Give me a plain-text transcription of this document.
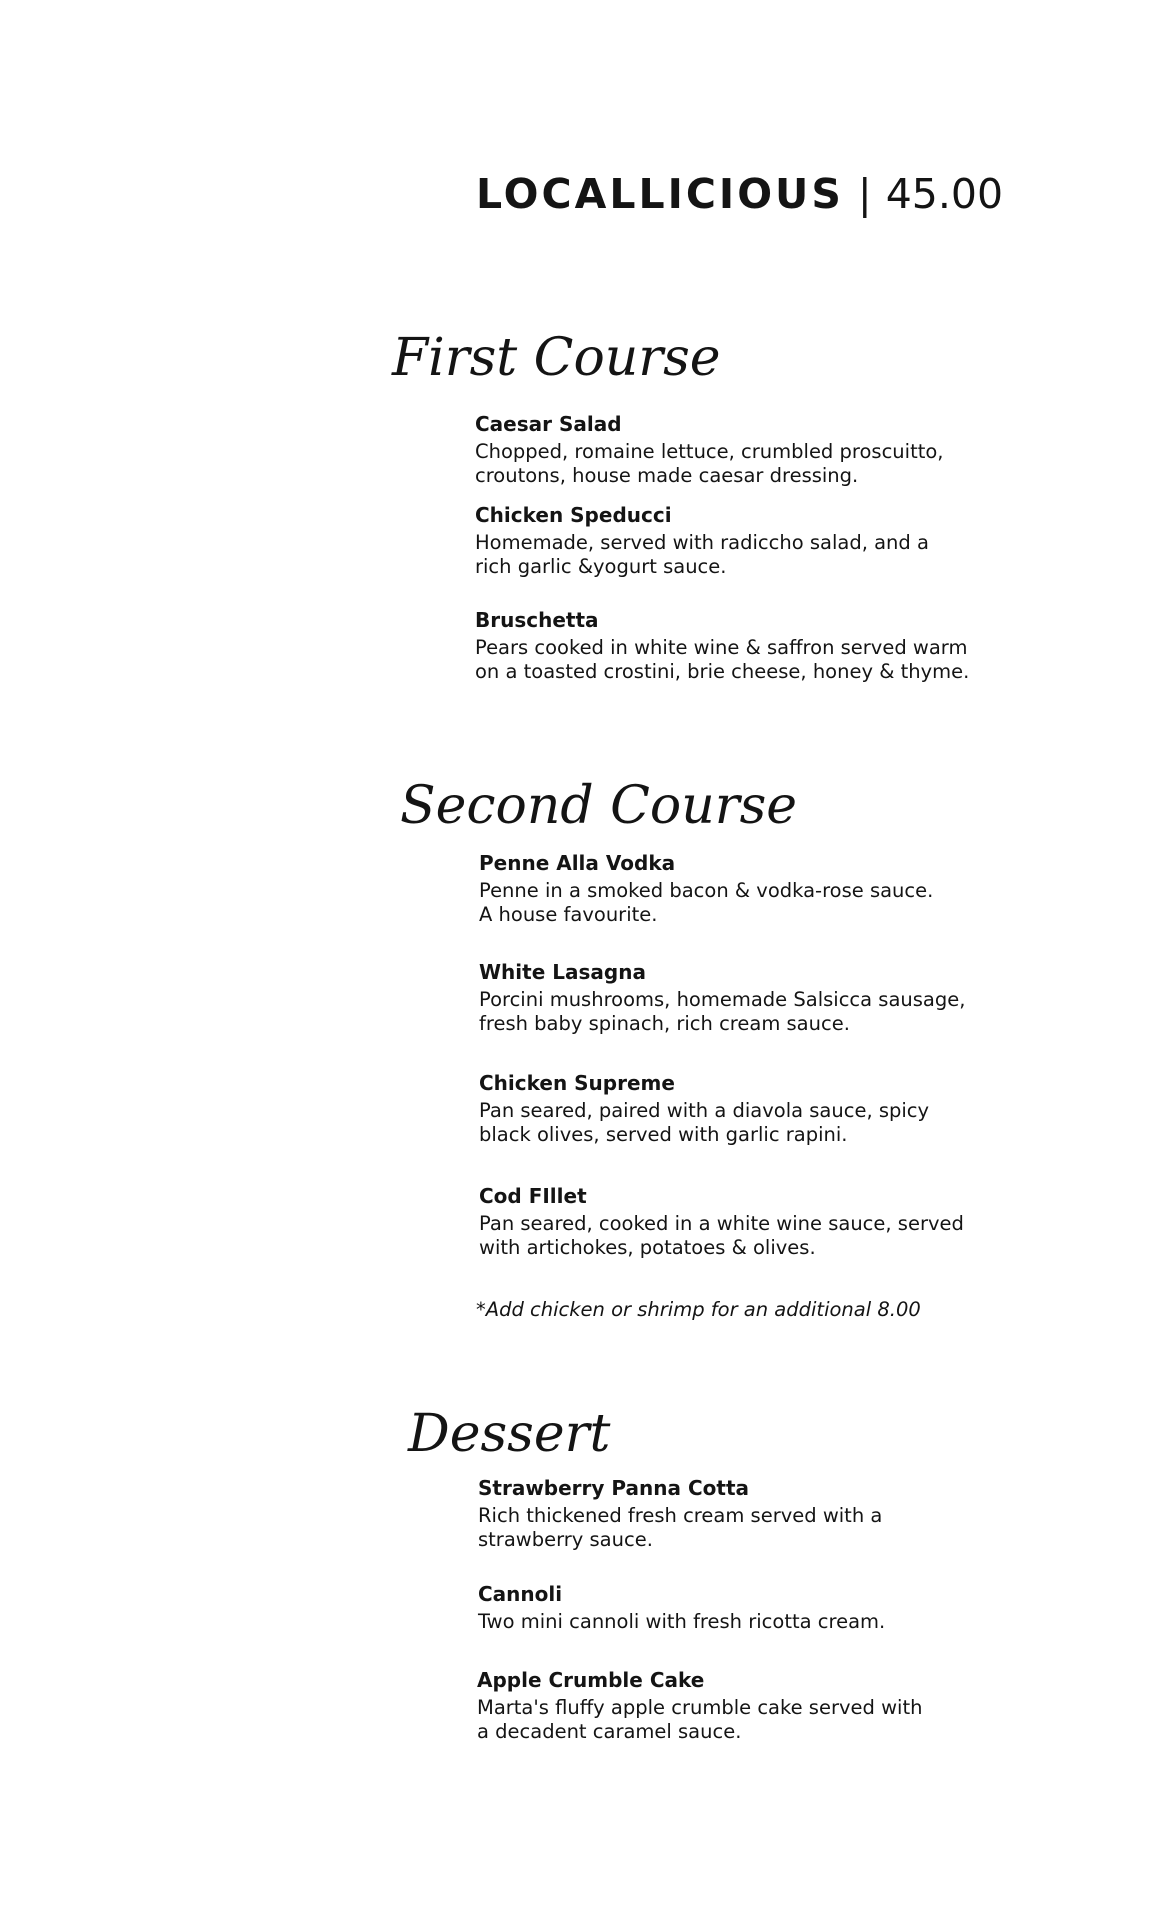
LOCALLICIOUS | 45.00
First Course
Caesar Salad
Chopped, romaine lettuce, crumbled proscuitto,
croutons, house made caesar dressing.
Chicken Speducci
Homemade, served with radiccho salad, and a
rich garlic &yogurt sauce.
Bruschetta
Pears cooked in white wine & saffron served warm
on a toasted crostini, brie cheese, honey & thyme.
Second Course
Penne Alla Vodka
Penne in a smoked bacon & vodka-rose sauce.
A house favourite.
White Lasagna
Porcini mushrooms, homemade Salsicca sausage,
fresh baby spinach, rich cream sauce.
Chicken Supreme
Pan seared, paired with a diavola sauce, spicy
black olives, served with garlic rapini.
Cod FIllet
Pan seared, cooked in a white wine sauce, served
with artichokes, potatoes & olives.
*Add chicken or shrimp for an additional 8.00
Dessert
Strawberry Panna Cotta
Rich thickened fresh cream served with a
strawberry sauce.
Cannoli
Two mini cannoli with fresh ricotta cream.
Apple Crumble Cake
Marta's fluffy apple crumble cake served with
a decadent caramel sauce.
